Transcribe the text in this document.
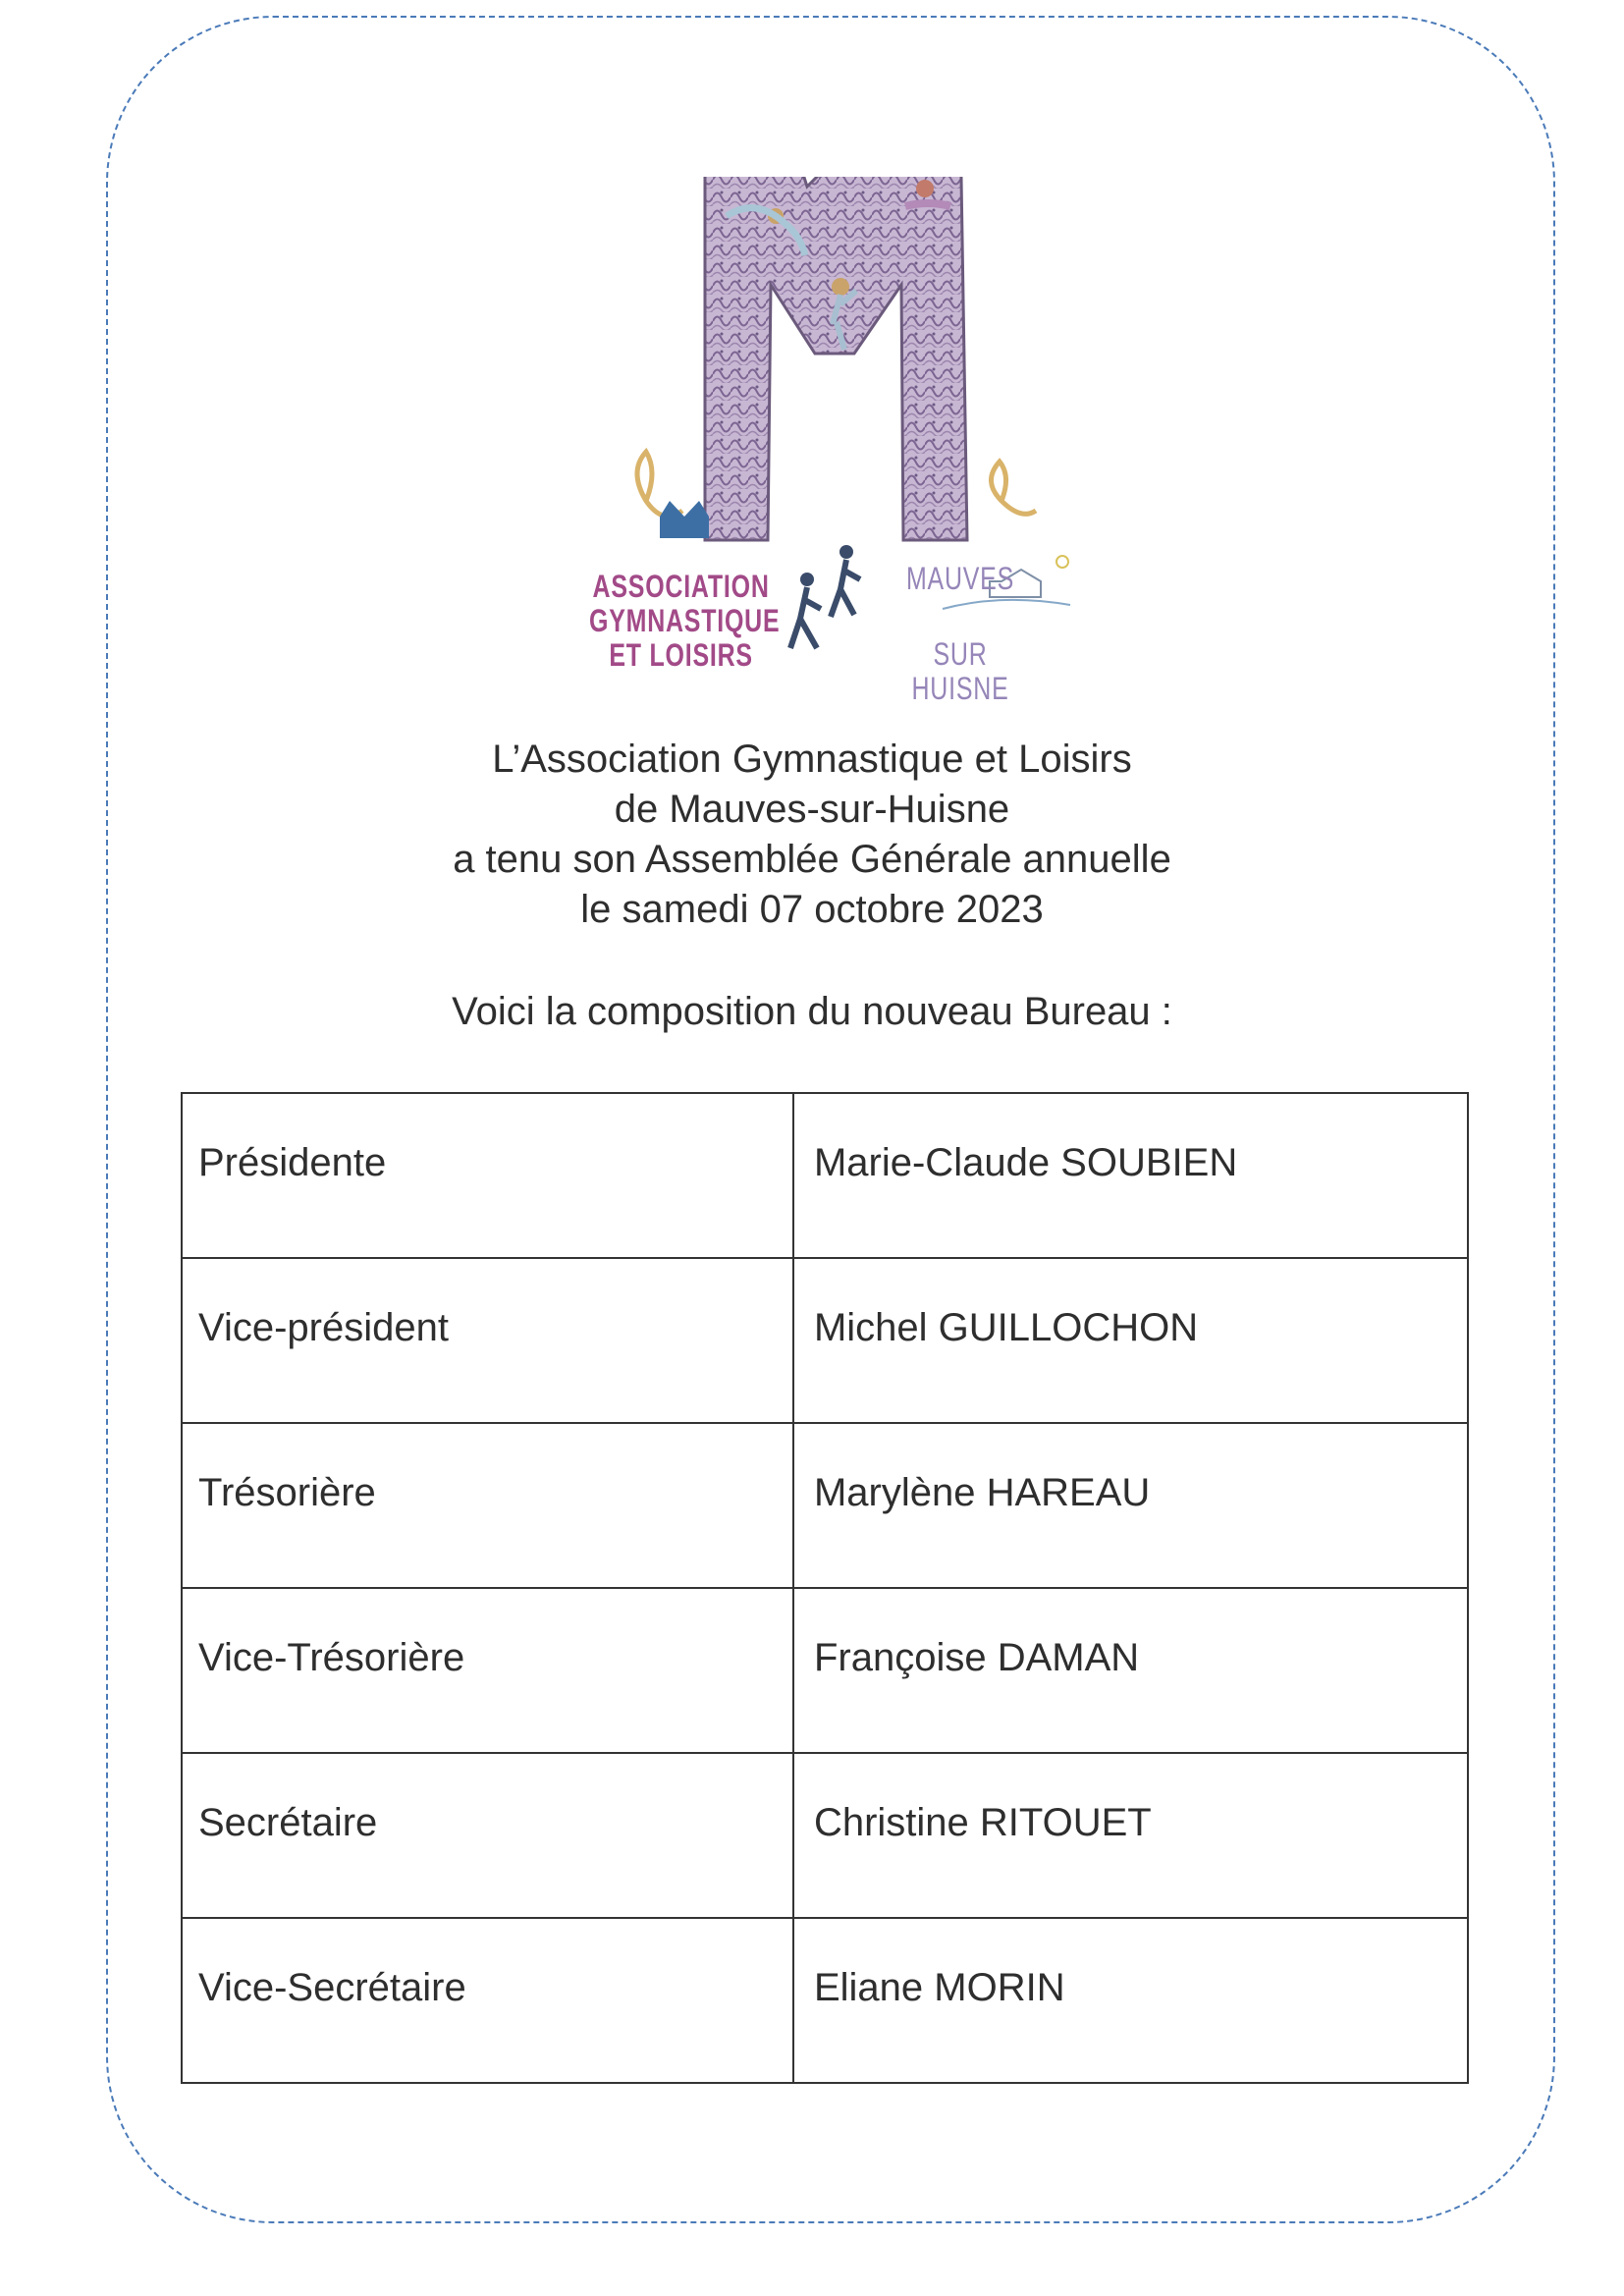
ASSOCIATION
GYMNASTIQUE
ET LOISIRS
MAUVES
SUR HUISNE

L’Association Gymnastique et Loisirs

de Mauves-sur-Huisne

a tenu son Assemblée Générale annuelle

le samedi 07 octobre 2023

Voici la composition du nouveau Bureau :
Présidente	Marie-Claude SOUBIEN
Vice-président	Michel GUILLOCHON
Trésorière	Marylène HAREAU
Vice-Trésorière	Françoise DAMAN
Secrétaire	Christine RITOUET
Vice-Secrétaire	Eliane MORIN
